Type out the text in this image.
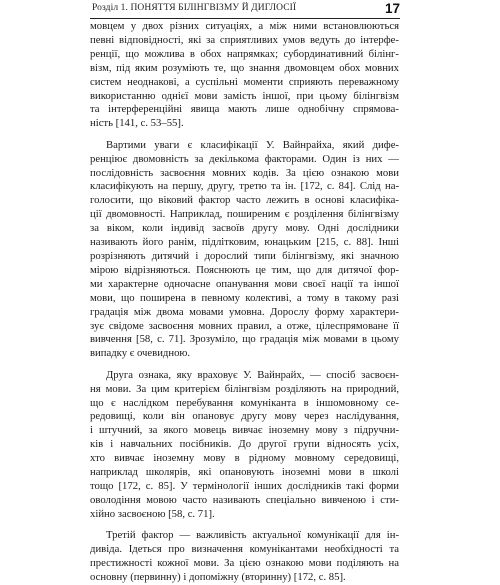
Розділ 1. ПОНЯТТЯ БІЛІНГВІЗМУ Й ДИГЛОСІЇ	17
мовцем у двох різних ситуаціях, а між ними встановлюються
певні відповідності, які за сприятливих умов ведуть до інтерфе-
ренції, що можлива в обох напрямках; субординативний білінг-
візм, під яким розуміють те, що знання двомовцем обох мовних
систем неоднакові, а суспільні моменти сприяють переважному
використанню однієї мови замість іншої, при цьому білінгвізм
та інтерференційні явища мають лише однобічну спрямова-
ність [141, с. 53–55].
Вартими уваги є класифікації У. Вайнрайха, який дифе-
ренціює двомовність за декількома факторами. Один із них —
послідовність засвоєння мовних кодів. За цією ознакою мови
класифікують на першу, другу, третю та ін. [172, с. 84]. Слід на-
голосити, що віковий фактор часто лежить в основі класифіка-
ції двомовності. Наприклад, поширеним є розділення білінгвізму
за віком, коли індивід засвоїв другу мову. Одні дослідники
називають його ранім, підлітковим, юнацьким [215, с. 88]. Інші
розрізняють дитячий і дорослий типи білінгвізму, які значною
мірою відрізняються. Пояснюють це тим, що для дитячої фор-
ми характерне одночасне опанування мови своєї нації та іншої
мови, що поширена в певному колективі, а тому в такому разі
градація між двома мовами умовна. Дорослу форму характери-
зує свідоме засвоєння мовних правил, а отже, цілеспрямоване її
вивчення [58, с. 71]. Зрозуміло, що градація між мовами в цьому
випадку є очевидною.
Друга ознака, яку враховує У. Вайнрайх, — спосіб засвоєн-
ня мови. За цим критерієм білінгвізм розділяють на природний,
що є наслідком перебування комуніканта в іншомовному се-
редовищі, коли він опановує другу мову через наслідування,
і штучний, за якого мовець вивчає іноземну мову з підручни-
ків і навчальних посібників. До другої групи відносять усіх,
хто вивчає іноземну мову в рідному мовному середовищі,
наприклад школярів, які опановують іноземні мови в школі
тощо [172, с. 85]. У термінології інших дослідників такі форми
оволодіння мовою часто називають спеціально вивченою і сти-
хійно засвоєною [58, с. 71].
Третій фактор — важливість актуальної комунікації для ін-
дивіда. Ідеться про визначення комунікантами необхідності та
престижності кожної мови. За цією ознакою мови поділяють на
основну (первинну) і допоміжну (вторинну) [172, с. 85].
